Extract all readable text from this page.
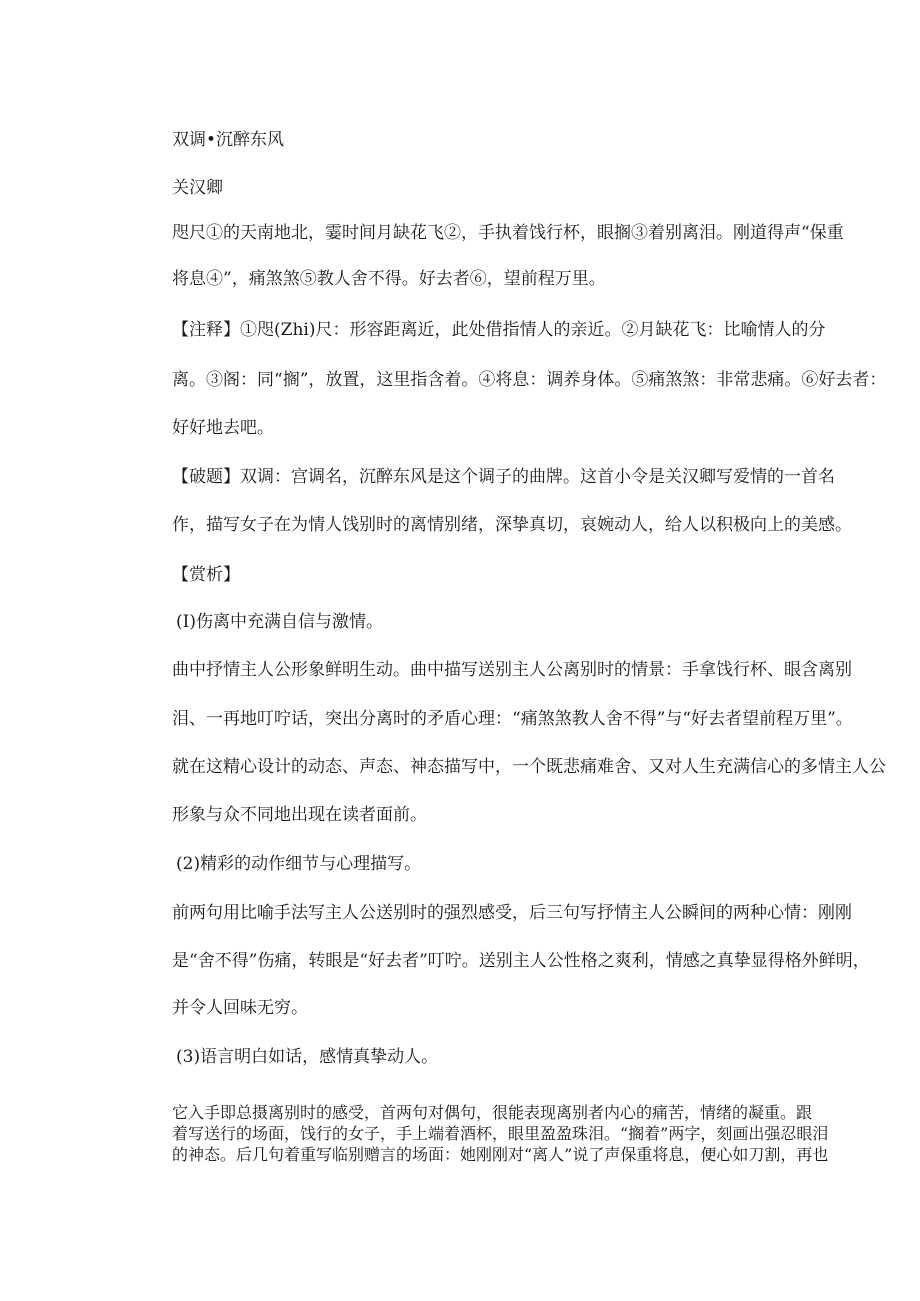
双调•沉醉东风
关汉卿
咫尺①的天南地北，霎时间月缺花飞②，手执着饯行杯，眼搁③着别离泪。刚道得声“保重
将息④”，痛煞煞⑤教人舍不得。好去者⑥，望前程万里。
【注释】①咫(Zhi)尺：形容距离近，此处借指情人的亲近。②月缺花飞：比喻情人的分
离。③阁：同“搁”，放置，这里指含着。④将息：调养身体。⑤痛煞煞：非常悲痛。⑥好去者：
好好地去吧。
【破题】双调：宫调名，沉醉东风是这个调子的曲牌。这首小令是关汉卿写爱情的一首名
作，描写女子在为情人饯别时的离情别绪，深挚真切，哀婉动人，给人以积极向上的美感。
【赏析】
(I)伤离中充满自信与激情。
曲中抒情主人公形象鲜明生动。曲中描写送别主人公离别时的情景：手拿饯行杯、眼含离别
泪、一再地叮咛话，突出分离时的矛盾心理：“痛煞煞教人舍不得”与“好去者望前程万里”。
就在这精心设计的动态、声态、神态描写中，一个既悲痛难舍、又对人生充满信心的多情主人公
形象与众不同地出现在读者面前。
(2)精彩的动作细节与心理描写。
前两句用比喻手法写主人公送别时的强烈感受，后三句写抒情主人公瞬间的两种心情：刚刚
是“舍不得”伤痛，转眼是“好去者”叮咛。送别主人公性格之爽利，情感之真挚显得格外鲜明，
并令人回味无穷。
(3)语言明白如话，感情真挚动人。
它入手即总摄离别时的感受，首两句对偶句，很能表现离别者内心的痛苦，情绪的凝重。跟
着写送行的场面，饯行的女子，手上端着酒杯，眼里盈盈珠泪。“搁着”两字，刻画出强忍眼泪
的神态。后几句着重写临别赠言的场面：她刚刚对“离人”说了声保重将息，便心如刀割，再也
